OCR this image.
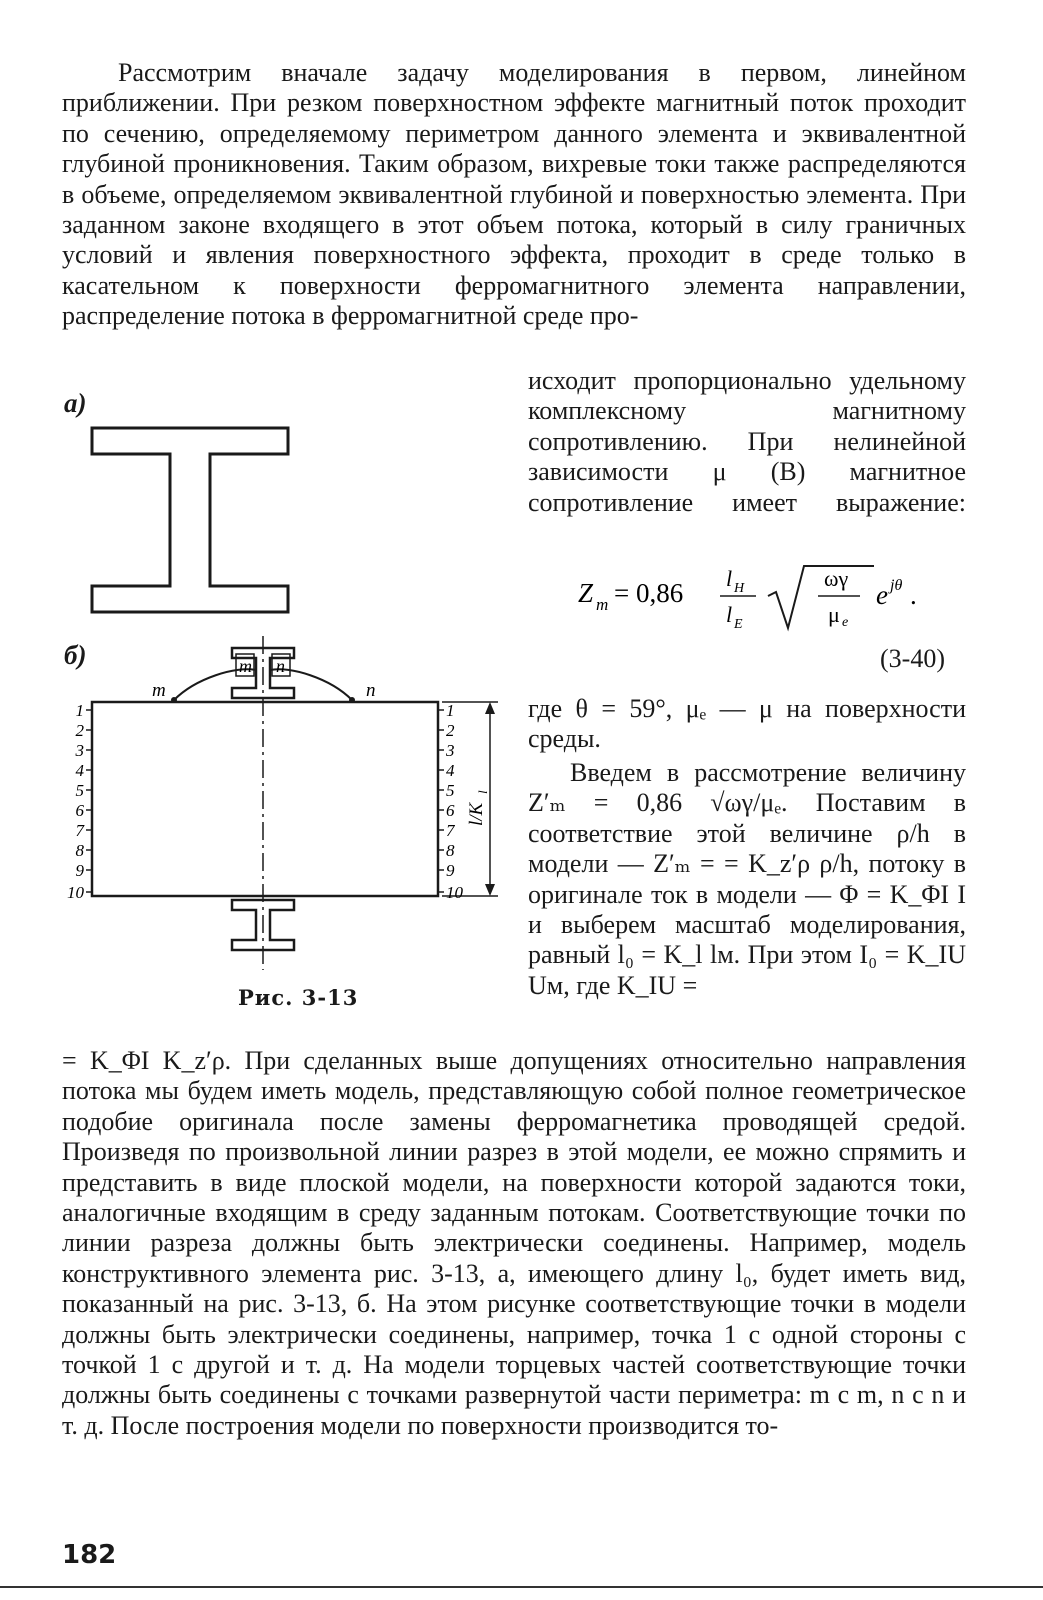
Рассмотрим вначале задачу моделирования в первом, линейном приближении. При резком поверхностном эффекте магнитный поток проходит по сечению, определяемому периметром данного элемента и эквивалентной глубиной проникновения. Таким образом, вихревые токи также распределяются в объеме, определяемом эквивалентной глубиной и поверхностью элемента. При заданном законе входящего в этот объем потока, который в силу граничных условий и явления поверхностного эффекта, проходит в среде только в касательном к поверхности ферромагнитного элемента направлении, распределение потока в ферромагнитной среде про-

а)
б)
1
2
3
4
5
6
7
8
9
10
1
2
3
4
5
6
7
8
9
10
m	n
m n
l/K
l
Рис. 3-13

исходит пропорционально удельному комплексному магнитному сопротивлению. При нелинейной зависимости μ (B) магнитное сопротивление имеет выражение:

Z m = 0,86 l H
l E
ωγ
μ e
e jθ .
(3-40)

где θ = 59°, μₑ — μ на поверхности среды.

Введем в рассмотрение величину Z′ₘ = 0,86 √ωγ/μₑ. Поставим в соответствие этой величине ρ/h в модели — Z′ₘ = = K_z′ρ ρ/h, потоку в оригинале ток в модели — Φ = K_ΦI I и выберем масштаб моделирования, равный l₀ = K_l lм. При этом I₀ = K_IU Uм, где K_IU =

= K_ΦI K_z′ρ. При сделанных выше допущениях относительно направления потока мы будем иметь модель, представляющую собой полное геометрическое подобие оригинала после замены ферромагнетика проводящей средой. Произведя по произвольной линии разрез в этой модели, ее можно спрямить и представить в виде плоской модели, на поверхности которой задаются токи, аналогичные входящим в среду заданным потокам. Соответствующие точки по линии разреза должны быть электрически соединены. Например, модель конструктивного элемента рис. 3-13, а, имеющего длину l₀, будет иметь вид, показанный на рис. 3-13, б. На этом рисунке соответствующие точки в модели должны быть электрически соединены, например, точка 1 с одной стороны с точкой 1 с другой и т. д. На модели торцевых частей соответствующие точки должны быть соединены с точками развернутой части периметра: m с m, n с n и т. д. После построения модели по поверхности производится то-

182
